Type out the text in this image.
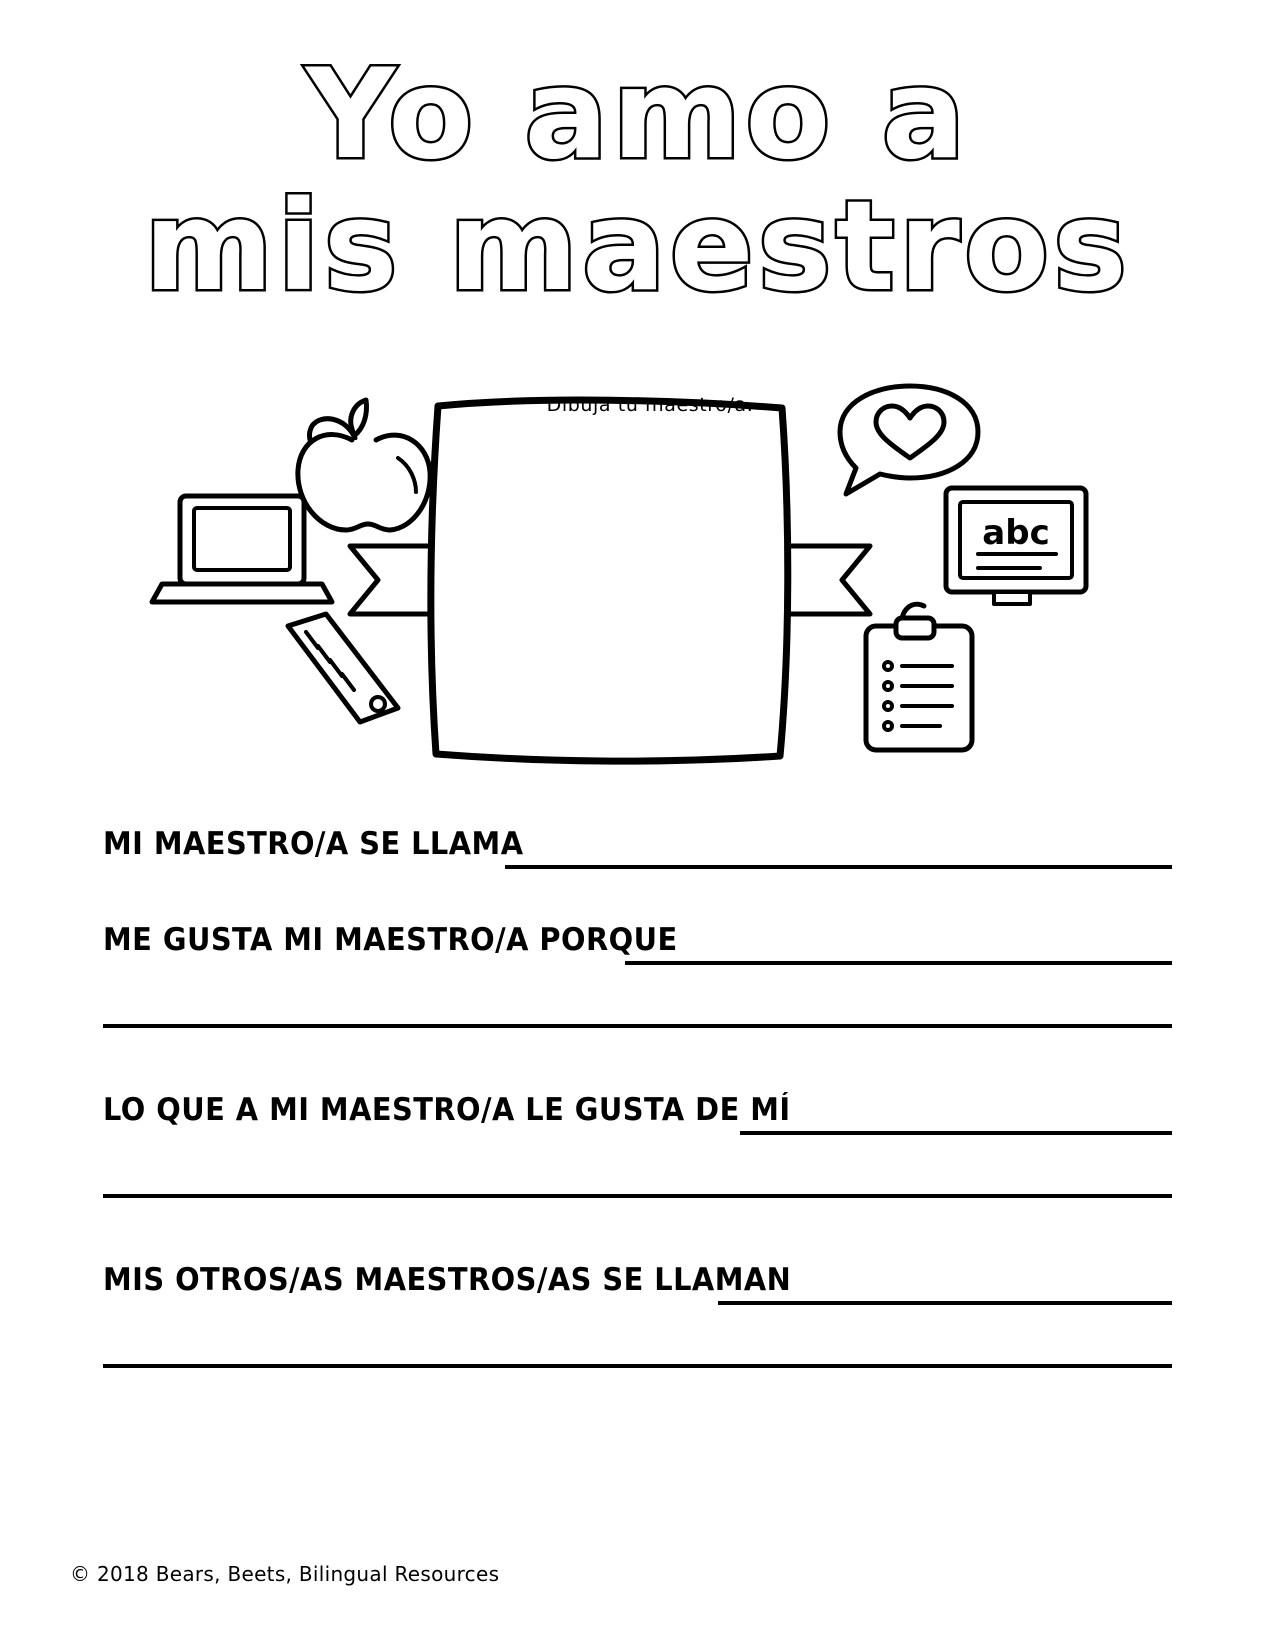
Yo amo a
mis maestros
abc
Dibuja tu maestro/a.
MI MAESTRO/A SE LLAMA
ME GUSTA MI MAESTRO/A PORQUE
LO QUE A MI MAESTRO/A LE GUSTA DE MÍ
MIS OTROS/AS MAESTROS/AS SE LLAMAN
© 2018 Bears, Beets, Bilingual Resources
